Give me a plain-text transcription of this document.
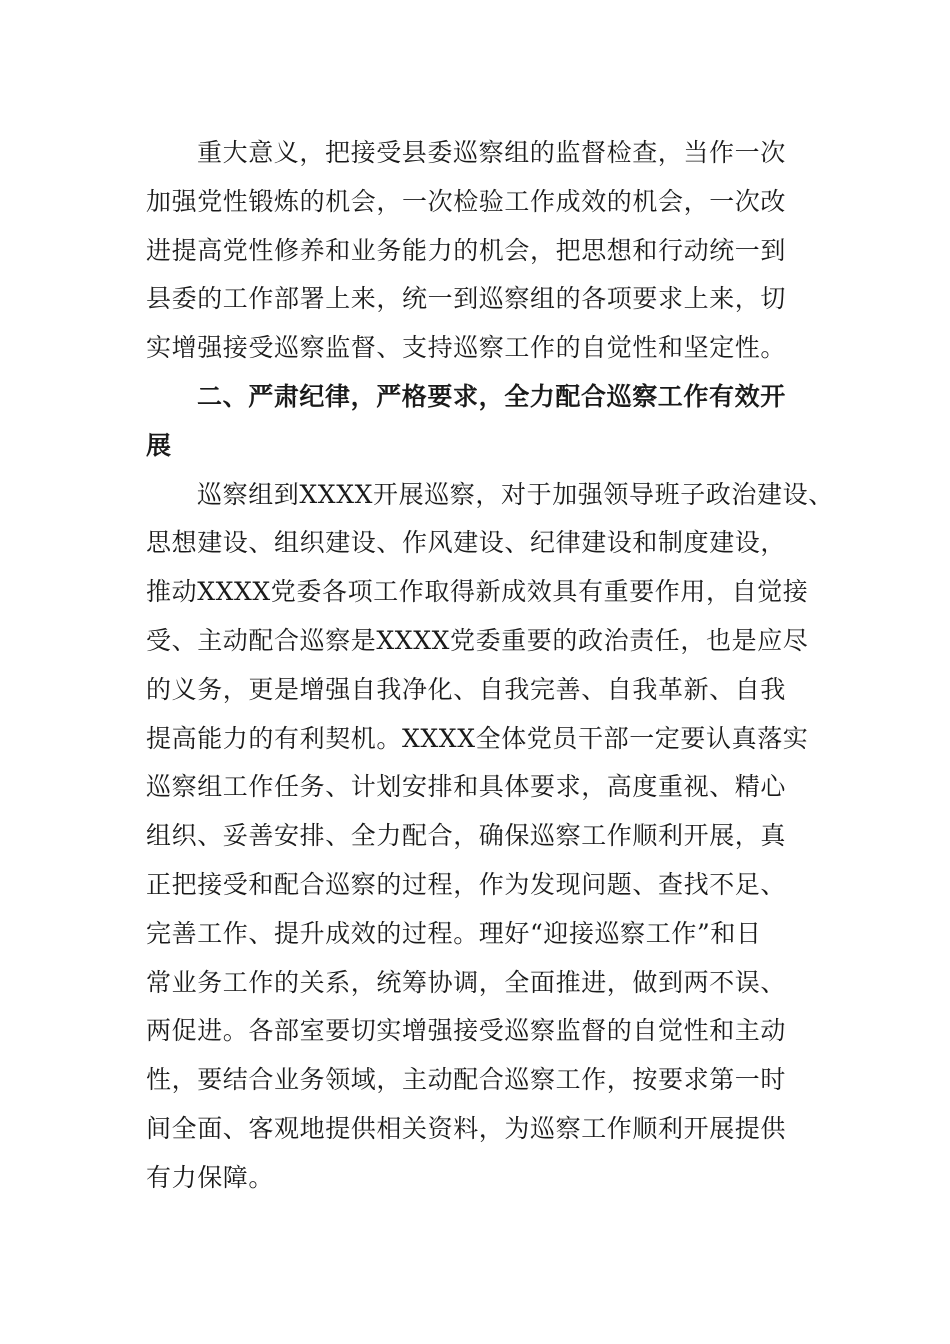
重大意义，把接受县委巡察组的监督检查，当作一次
加强党性锻炼的机会，一次检验工作成效的机会，一次改
进提高党性修养和业务能力的机会，把思想和行动统一到
县委的工作部署上来，统一到巡察组的各项要求上来，切
实增强接受巡察监督、支持巡察工作的自觉性和坚定性。
二、严肃纪律，严格要求，全力配合巡察工作有效开
展
巡察组到XXXX开展巡察，对于加强领导班子政治建设、
思想建设、组织建设、作风建设、纪律建设和制度建设，
推动XXXX党委各项工作取得新成效具有重要作用，自觉接
受、主动配合巡察是XXXX党委重要的政治责任，也是应尽
的义务，更是增强自我净化、自我完善、自我革新、自我
提高能力的有利契机。XXXX全体党员干部一定要认真落实
巡察组工作任务、计划安排和具体要求，高度重视、精心
组织、妥善安排、全力配合，确保巡察工作顺利开展，真
正把接受和配合巡察的过程，作为发现问题、查找不足、
完善工作、提升成效的过程。理好“迎接巡察工作”和日
常业务工作的关系，统筹协调，全面推进，做到两不误、
两促进。各部室要切实增强接受巡察监督的自觉性和主动
性，要结合业务领域，主动配合巡察工作，按要求第一时
间全面、客观地提供相关资料，为巡察工作顺利开展提供
有力保障。
